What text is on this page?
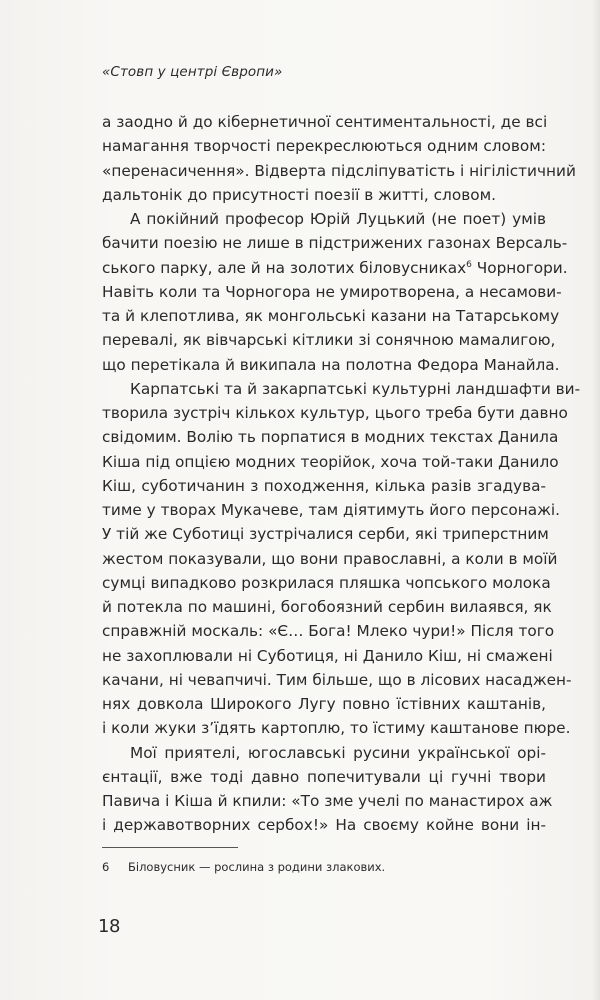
«Стовп у центрі Європи»
а заодно й до кібернетичної сентиментальності, де всі
намагання творчості перекреслюються одним словом:
«перенасичення». Відверта підсліпуватість і нігілістичний
дальтонік до присутності поезії в житті, словом.
А покійний професор Юрій Луцький (не поет) умів
бачити поезію не лише в підстрижених газонах Версаль-
ського парку, але й на золотих біловусниках$^6$ Чорногори.
Навіть коли та Чорногора не умиротворена, а несамови-
та й клепотлива, як монгольські казани на Татарському
перевалі, як вівчарські кітлики зі сонячною мамалигою,
що перетікала й википала на полотна Федора Манайла.
Карпатські та й закарпатські культурні ландшафти ви-
творила зустріч кількох культур, цього треба бути давно
свідомим. Волію ть порпатися в модних текстах Данила
Кіша під опцією модних теорійок, хоча той-таки Данило
Кіш, суботичанин з походження, кілька разів згадува-
тиме у творах Мукачеве, там діятимуть його персонажі.
У тій же Суботиці зустрічалися серби, які триперстним
жестом показували, що вони православні, а коли в моїй
сумці випадково розкрилася пляшка чопського молока
й потекла по машині, богобоязний сербин вилаявся, як
справжній москаль: «Є… Бога! Млеко чури!» Після того
не захоплювали ні Суботиця, ні Данило Кіш, ні смажені
качани, ні чевапчичі. Тим більше, що в лісових насаджен-
нях довкола Широкого Лугу повно їстівних каштанів,
і коли жуки з’їдять картоплю, то їстиму каштанове пюре.
Мої приятелі, югославські русини української орі-
єнтації, вже тоді давно попечитували ці гучні твори
Павича і Кіша й кпили: «То зме учелі по манастирох аж
і державотворних сербох!» На своєму койне вони ін-
6 Біловусник — рослина з родини злакових.
18
